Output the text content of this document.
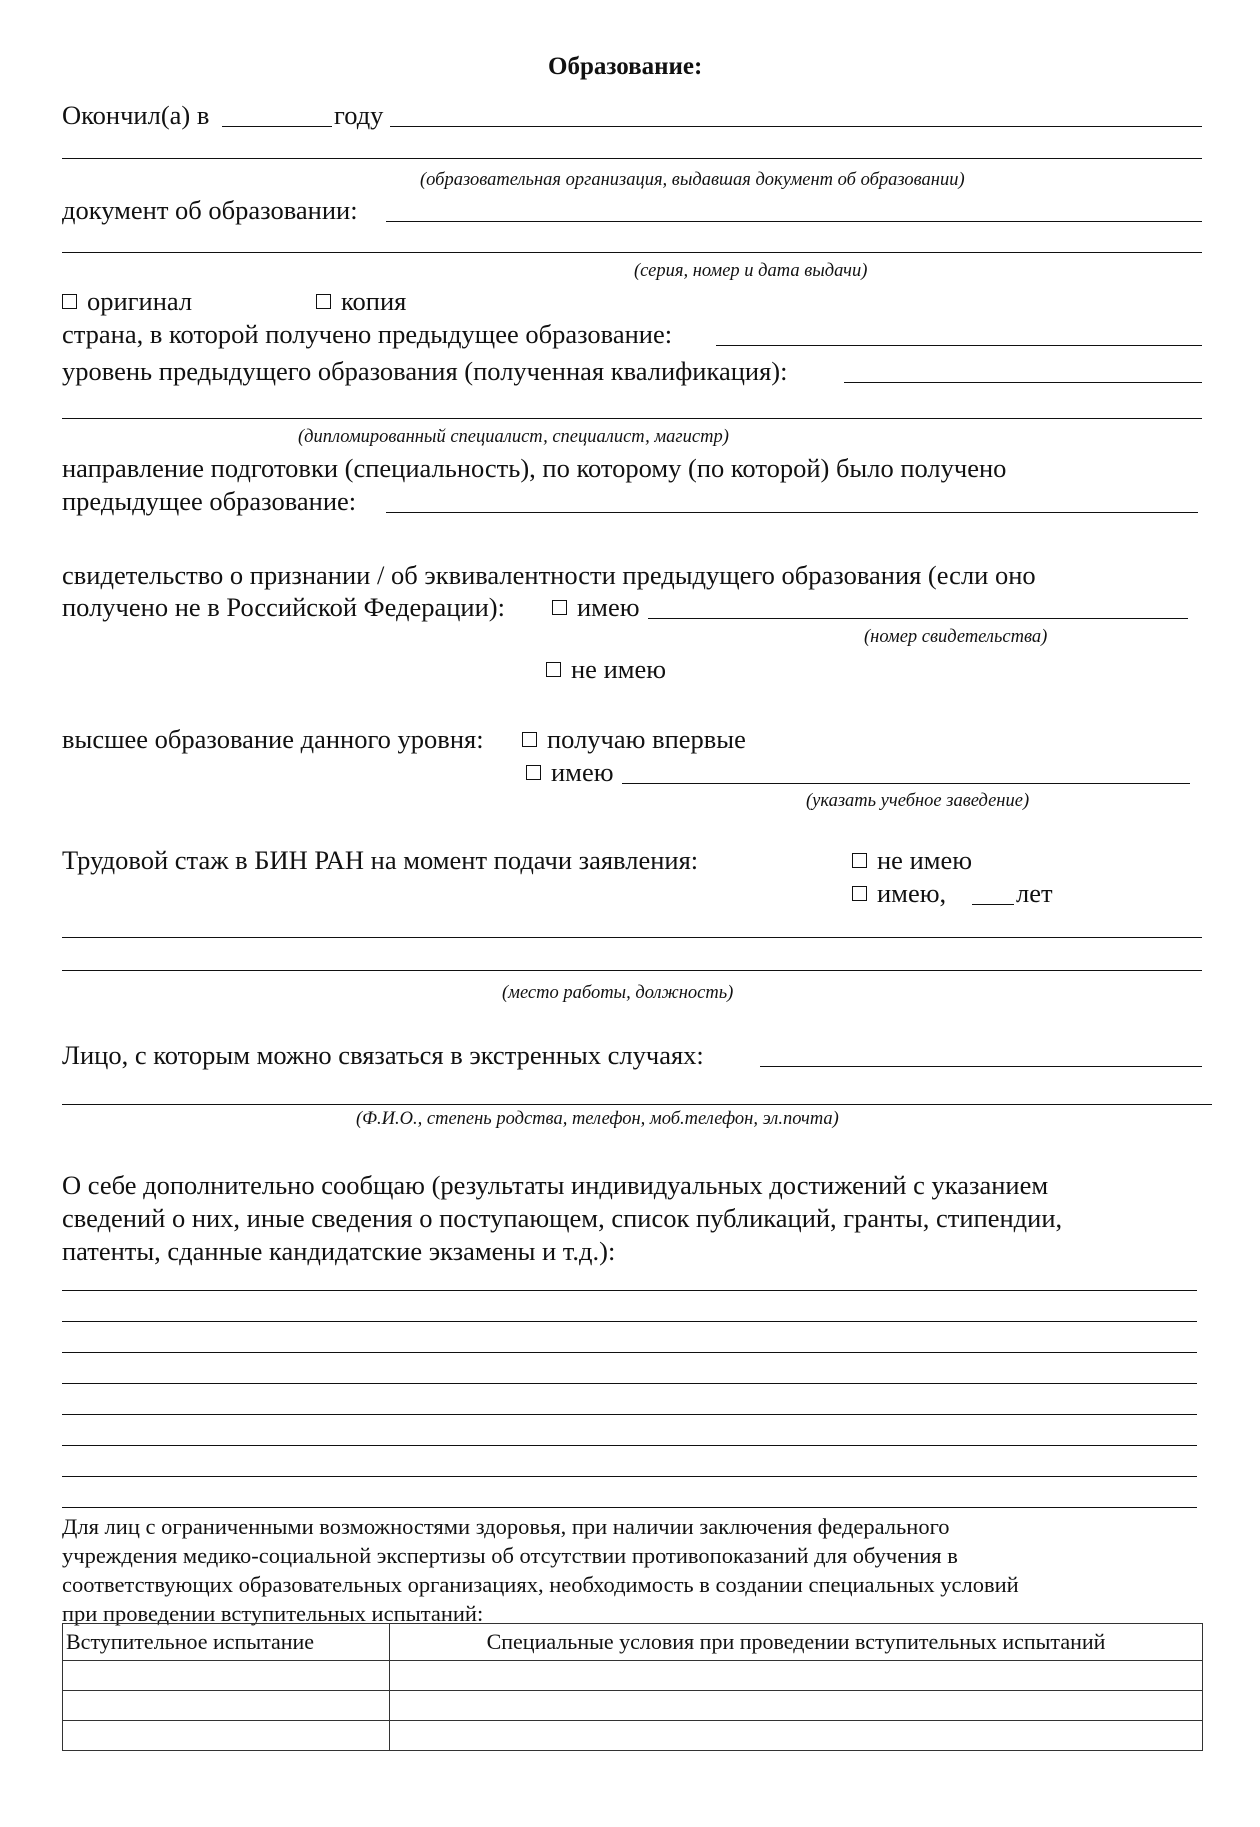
Образование:
Окончил(а) в	году
(образовательная организация, выдавшая документ об образовании)
документ об образовании:
(серия, номер и дата выдачи)
оригинал	копия
страна, в которой получено предыдущее образование:
уровень предыдущего образования (полученная квалификация):
(дипломированный специалист, специалист, магистр)
направление подготовки (специальность), по которому (по которой) было получено
предыдущее образование:
свидетельство о признании / об эквивалентности предыдущего образования (если оно
получено не в Российской Федерации):	имею
(номер свидетельства)
не имею
высшее образование данного уровня:	получаю впервые
имею
(указать учебное заведение)
Трудовой стаж в БИН РАН на момент подачи заявления:	не имею
имею,	лет
(место работы, должность)
Лицо, с которым можно связаться в экстренных случаях:
(Ф.И.О., степень родства, телефон, моб.телефон, эл.почта)
О себе дополнительно сообщаю (результаты индивидуальных достижений с указанием
сведений о них, иные сведения о поступающем, список публикаций, гранты, стипендии,
патенты, сданные кандидатские экзамены и т.д.):
Для лиц с ограниченными возможностями здоровья, при наличии заключения федерального
учреждения медико-социальной экспертизы об отсутствии противопоказаний для обучения в
соответствующих образовательных организациях, необходимость в создании специальных условий
при проведении вступительных испытаний:
Вступительное испытание	Специальные условия при проведении вступительных испытаний
